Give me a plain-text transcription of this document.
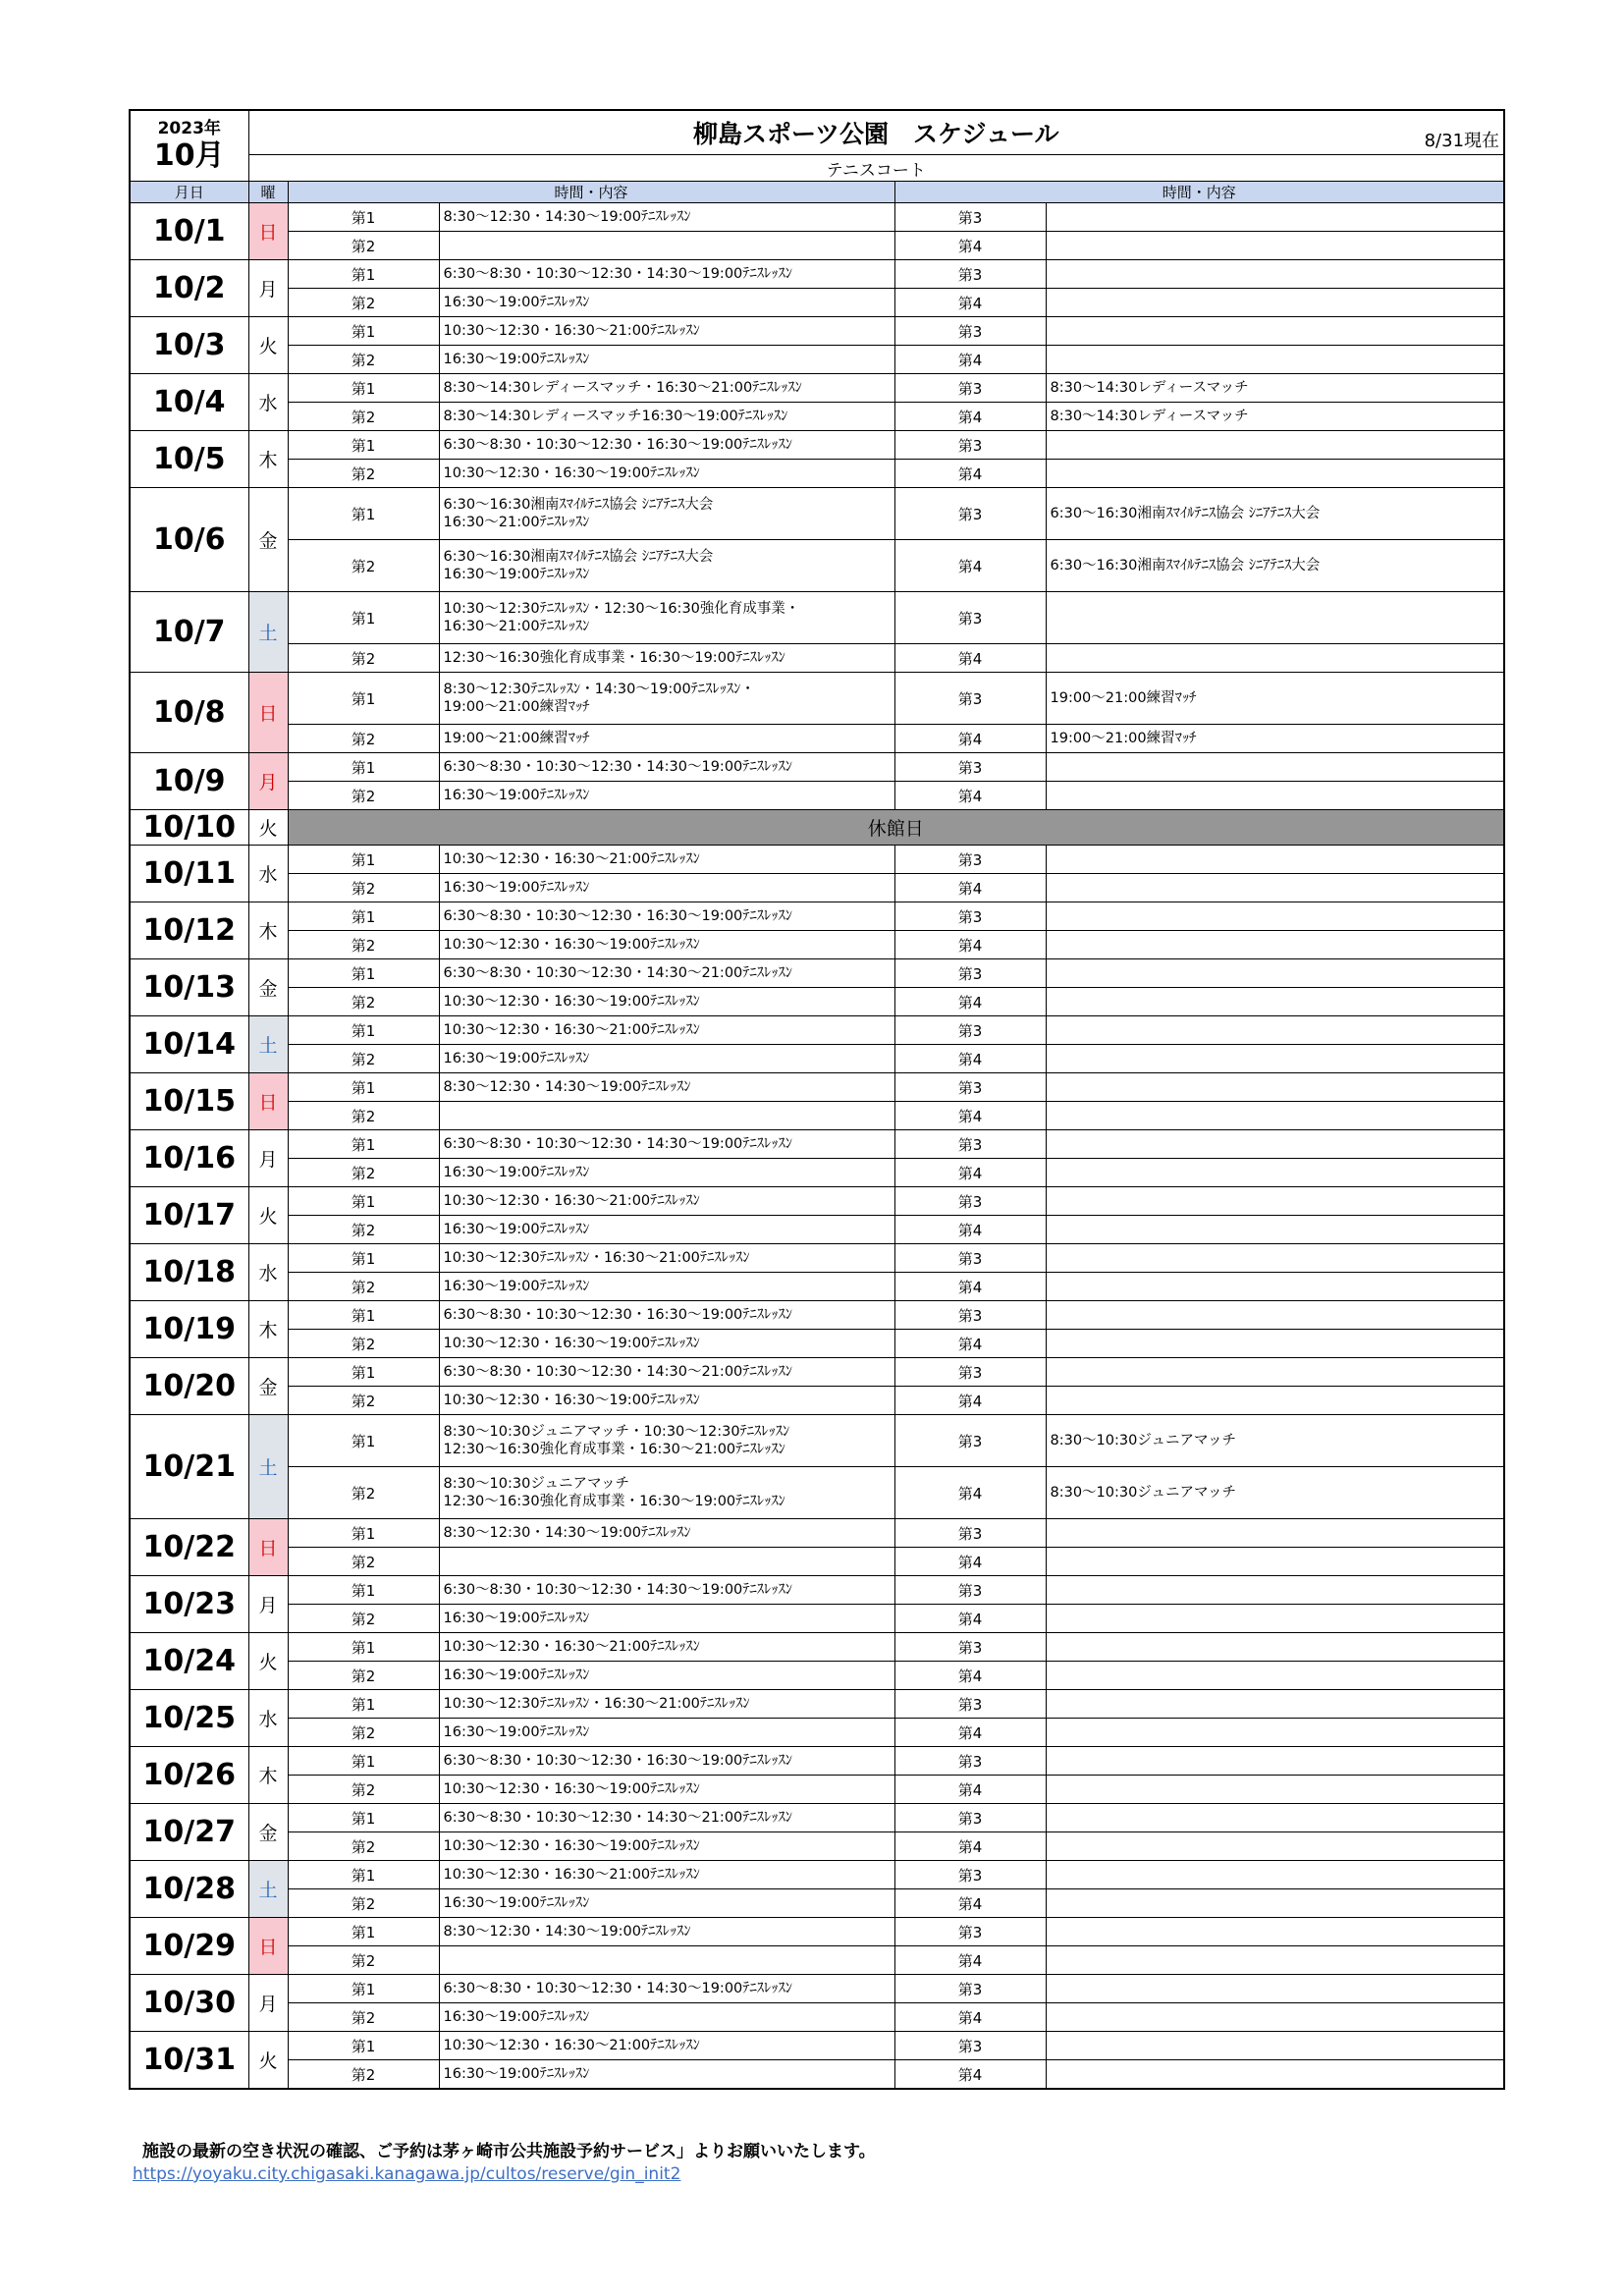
2023年
10月	柳島スポーツ公園　スケジュール 8/31現在				

	テニスコート				
月日	曜	時間・内容		時間・内容	
10/1	日	第1	8:30～12:30・14:30～19:00ﾃﾆｽﾚｯｽﾝ	第3	
		第2		第4	
10/2	月	第1	6:30～8:30・10:30～12:30・14:30～19:00ﾃﾆｽﾚｯｽﾝ	第3	
		第2	16:30～19:00ﾃﾆｽﾚｯｽﾝ	第4	
10/3	火	第1	10:30～12:30・16:30～21:00ﾃﾆｽﾚｯｽﾝ	第3	
		第2	16:30～19:00ﾃﾆｽﾚｯｽﾝ	第4	
10/4	水	第1	8:30～14:30レディースマッチ・16:30～21:00ﾃﾆｽﾚｯｽﾝ	第3	8:30～14:30レディースマッチ
		第2	8:30～14:30レディースマッチ16:30～19:00ﾃﾆｽﾚｯｽﾝ	第4	8:30～14:30レディースマッチ
10/5	木	第1	6:30～8:30・10:30～12:30・16:30～19:00ﾃﾆｽﾚｯｽﾝ	第3	
		第2	10:30～12:30・16:30～19:00ﾃﾆｽﾚｯｽﾝ	第4	
10/6	金	第1	6:30～16:30湘南ｽﾏｲﾙﾃﾆｽ協会 ｼﾆｱﾃﾆｽ大会
16:30～21:00ﾃﾆｽﾚｯｽﾝ	第3	6:30～16:30湘南ｽﾏｲﾙﾃﾆｽ協会 ｼﾆｱﾃﾆｽ大会
		第2	6:30～16:30湘南ｽﾏｲﾙﾃﾆｽ協会 ｼﾆｱﾃﾆｽ大会
16:30～19:00ﾃﾆｽﾚｯｽﾝ	第4	6:30～16:30湘南ｽﾏｲﾙﾃﾆｽ協会 ｼﾆｱﾃﾆｽ大会
10/7	土	第1	10:30～12:30ﾃﾆｽﾚｯｽﾝ・12:30～16:30強化育成事業・
16:30～21:00ﾃﾆｽﾚｯｽﾝ	第3	
		第2	12:30～16:30強化育成事業・16:30～19:00ﾃﾆｽﾚｯｽﾝ	第4	
10/8	日	第1	8:30～12:30ﾃﾆｽﾚｯｽﾝ・14:30～19:00ﾃﾆｽﾚｯｽﾝ・
19:00～21:00練習ﾏｯﾁ	第3	19:00～21:00練習ﾏｯﾁ
		第2	19:00～21:00練習ﾏｯﾁ	第4	19:00～21:00練習ﾏｯﾁ
10/9	月	第1	6:30～8:30・10:30～12:30・14:30～19:00ﾃﾆｽﾚｯｽﾝ	第3	
		第2	16:30～19:00ﾃﾆｽﾚｯｽﾝ	第4	
10/10	火	休館日			

10/11	水	第1	10:30～12:30・16:30～21:00ﾃﾆｽﾚｯｽﾝ	第3	
		第2	16:30～19:00ﾃﾆｽﾚｯｽﾝ	第4	
10/12	木	第1	6:30～8:30・10:30～12:30・16:30～19:00ﾃﾆｽﾚｯｽﾝ	第3	
		第2	10:30～12:30・16:30～19:00ﾃﾆｽﾚｯｽﾝ	第4	
10/13	金	第1	6:30～8:30・10:30～12:30・14:30～21:00ﾃﾆｽﾚｯｽﾝ	第3	
		第2	10:30～12:30・16:30～19:00ﾃﾆｽﾚｯｽﾝ	第4	
10/14	土	第1	10:30～12:30・16:30～21:00ﾃﾆｽﾚｯｽﾝ	第3	
		第2	16:30～19:00ﾃﾆｽﾚｯｽﾝ	第4	
10/15	日	第1	8:30～12:30・14:30～19:00ﾃﾆｽﾚｯｽﾝ	第3	
		第2		第4	
10/16	月	第1	6:30～8:30・10:30～12:30・14:30～19:00ﾃﾆｽﾚｯｽﾝ	第3	
		第2	16:30～19:00ﾃﾆｽﾚｯｽﾝ	第4	
10/17	火	第1	10:30～12:30・16:30～21:00ﾃﾆｽﾚｯｽﾝ	第3	
		第2	16:30～19:00ﾃﾆｽﾚｯｽﾝ	第4	
10/18	水	第1	10:30～12:30ﾃﾆｽﾚｯｽﾝ・16:30～21:00ﾃﾆｽﾚｯｽﾝ	第3	
		第2	16:30～19:00ﾃﾆｽﾚｯｽﾝ	第4	
10/19	木	第1	6:30～8:30・10:30～12:30・16:30～19:00ﾃﾆｽﾚｯｽﾝ	第3	
		第2	10:30～12:30・16:30～19:00ﾃﾆｽﾚｯｽﾝ	第4	
10/20	金	第1	6:30～8:30・10:30～12:30・14:30～21:00ﾃﾆｽﾚｯｽﾝ	第3	
		第2	10:30～12:30・16:30～19:00ﾃﾆｽﾚｯｽﾝ	第4	
10/21	土	第1	8:30～10:30ジュニアマッチ・10:30～12:30ﾃﾆｽﾚｯｽﾝ
12:30～16:30強化育成事業・16:30～21:00ﾃﾆｽﾚｯｽﾝ	第3	8:30～10:30ジュニアマッチ
		第2	8:30～10:30ジュニアマッチ
12:30～16:30強化育成事業・16:30～19:00ﾃﾆｽﾚｯｽﾝ	第4	8:30～10:30ジュニアマッチ
10/22	日	第1	8:30～12:30・14:30～19:00ﾃﾆｽﾚｯｽﾝ	第3	
		第2		第4	
10/23	月	第1	6:30～8:30・10:30～12:30・14:30～19:00ﾃﾆｽﾚｯｽﾝ	第3	
		第2	16:30～19:00ﾃﾆｽﾚｯｽﾝ	第4	
10/24	火	第1	10:30～12:30・16:30～21:00ﾃﾆｽﾚｯｽﾝ	第3	
		第2	16:30～19:00ﾃﾆｽﾚｯｽﾝ	第4	
10/25	水	第1	10:30～12:30ﾃﾆｽﾚｯｽﾝ・16:30～21:00ﾃﾆｽﾚｯｽﾝ	第3	
		第2	16:30～19:00ﾃﾆｽﾚｯｽﾝ	第4	
10/26	木	第1	6:30～8:30・10:30～12:30・16:30～19:00ﾃﾆｽﾚｯｽﾝ	第3	
		第2	10:30～12:30・16:30～19:00ﾃﾆｽﾚｯｽﾝ	第4	
10/27	金	第1	6:30～8:30・10:30～12:30・14:30～21:00ﾃﾆｽﾚｯｽﾝ	第3	
		第2	10:30～12:30・16:30～19:00ﾃﾆｽﾚｯｽﾝ	第4	
10/28	土	第1	10:30～12:30・16:30～21:00ﾃﾆｽﾚｯｽﾝ	第3	
		第2	16:30～19:00ﾃﾆｽﾚｯｽﾝ	第4	
10/29	日	第1	8:30～12:30・14:30～19:00ﾃﾆｽﾚｯｽﾝ	第3	
		第2		第4	
10/30	月	第1	6:30～8:30・10:30～12:30・14:30～19:00ﾃﾆｽﾚｯｽﾝ	第3	
		第2	16:30～19:00ﾃﾆｽﾚｯｽﾝ	第4	
10/31	火	第1	10:30～12:30・16:30～21:00ﾃﾆｽﾚｯｽﾝ	第3	
		第2	16:30～19:00ﾃﾆｽﾚｯｽﾝ	第4	
施設の最新の空き状況の確認、ご予約は茅ヶ崎市公共施設予約サービス」よりお願いいたします。
https://yoyaku.city.chigasaki.kanagawa.jp/cultos/reserve/gin_init2
